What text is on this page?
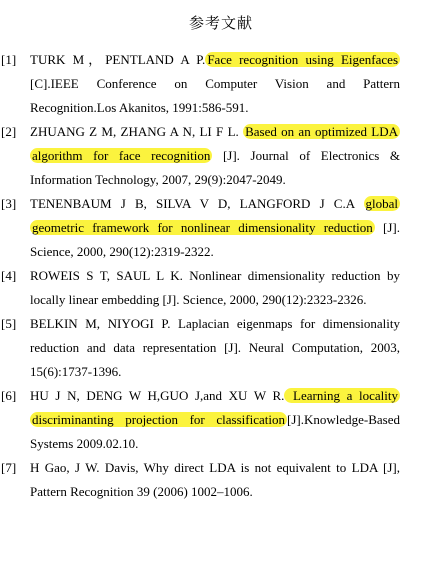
参考文献

[1]	TURK M，PENTLAND A P. Face recognition using Eigenfaces [C].IEEE Conference on Computer Vision and Pattern Recognition.Los Akanitos, 1991:586-591.

[2]	ZHUANG Z M, ZHANG A N, LI F L. Based on an optimized LDA algorithm for face recognition [J]. Journal of Electronics & Information Technology, 2007, 29(9):2047-2049.

[3]	TENENBAUM J B, SILVA V D, LANGFORD J C.A global geometric framework for nonlinear dimensionality reduction [J]. Science, 2000, 290(12):2319-2322.

[4]	ROWEIS S T, SAUL L K. Nonlinear dimensionality reduction by locally linear embedding [J]. Science, 2000, 290(12):2323-2326.

[5]	BELKIN M, NIYOGI P. Laplacian eigenmaps for dimensionality reduction and data representation [J]. Neural Computation, 2003, 15(6):1737-1396.

[6]	HU J N, DENG W H,GUO J,and XU W R. Learning a locality discriminanting projection for classification [J].Knowledge-Based Systems 2009.02.10.

[7]	H Gao, J W. Davis, Why direct LDA is not equivalent to LDA [J], Pattern Recognition 39 (2006) 1002–1006.
